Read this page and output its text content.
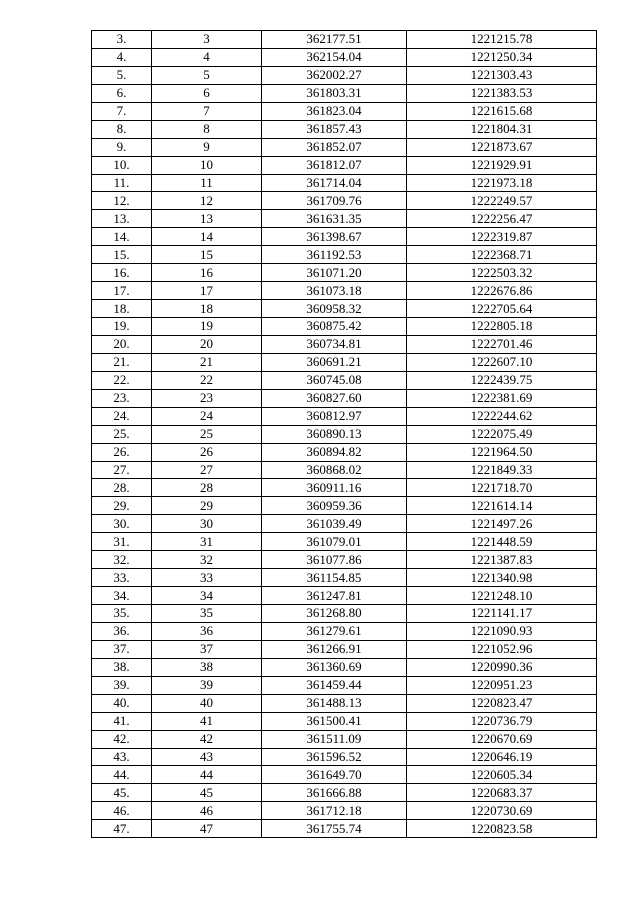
3.	3	362177.51	1221215.78
4.	4	362154.04	1221250.34
5.	5	362002.27	1221303.43
6.	6	361803.31	1221383.53
7.	7	361823.04	1221615.68
8.	8	361857.43	1221804.31
9.	9	361852.07	1221873.67
10.	10	361812.07	1221929.91
11.	11	361714.04	1221973.18
12.	12	361709.76	1222249.57
13.	13	361631.35	1222256.47
14.	14	361398.67	1222319.87
15.	15	361192.53	1222368.71
16.	16	361071.20	1222503.32
17.	17	361073.18	1222676.86
18.	18	360958.32	1222705.64
19.	19	360875.42	1222805.18
20.	20	360734.81	1222701.46
21.	21	360691.21	1222607.10
22.	22	360745.08	1222439.75
23.	23	360827.60	1222381.69
24.	24	360812.97	1222244.62
25.	25	360890.13	1222075.49
26.	26	360894.82	1221964.50
27.	27	360868.02	1221849.33
28.	28	360911.16	1221718.70
29.	29	360959.36	1221614.14
30.	30	361039.49	1221497.26
31.	31	361079.01	1221448.59
32.	32	361077.86	1221387.83
33.	33	361154.85	1221340.98
34.	34	361247.81	1221248.10
35.	35	361268.80	1221141.17
36.	36	361279.61	1221090.93
37.	37	361266.91	1221052.96
38.	38	361360.69	1220990.36
39.	39	361459.44	1220951.23
40.	40	361488.13	1220823.47
41.	41	361500.41	1220736.79
42.	42	361511.09	1220670.69
43.	43	361596.52	1220646.19
44.	44	361649.70	1220605.34
45.	45	361666.88	1220683.37
46.	46	361712.18	1220730.69
47.	47	361755.74	1220823.58
